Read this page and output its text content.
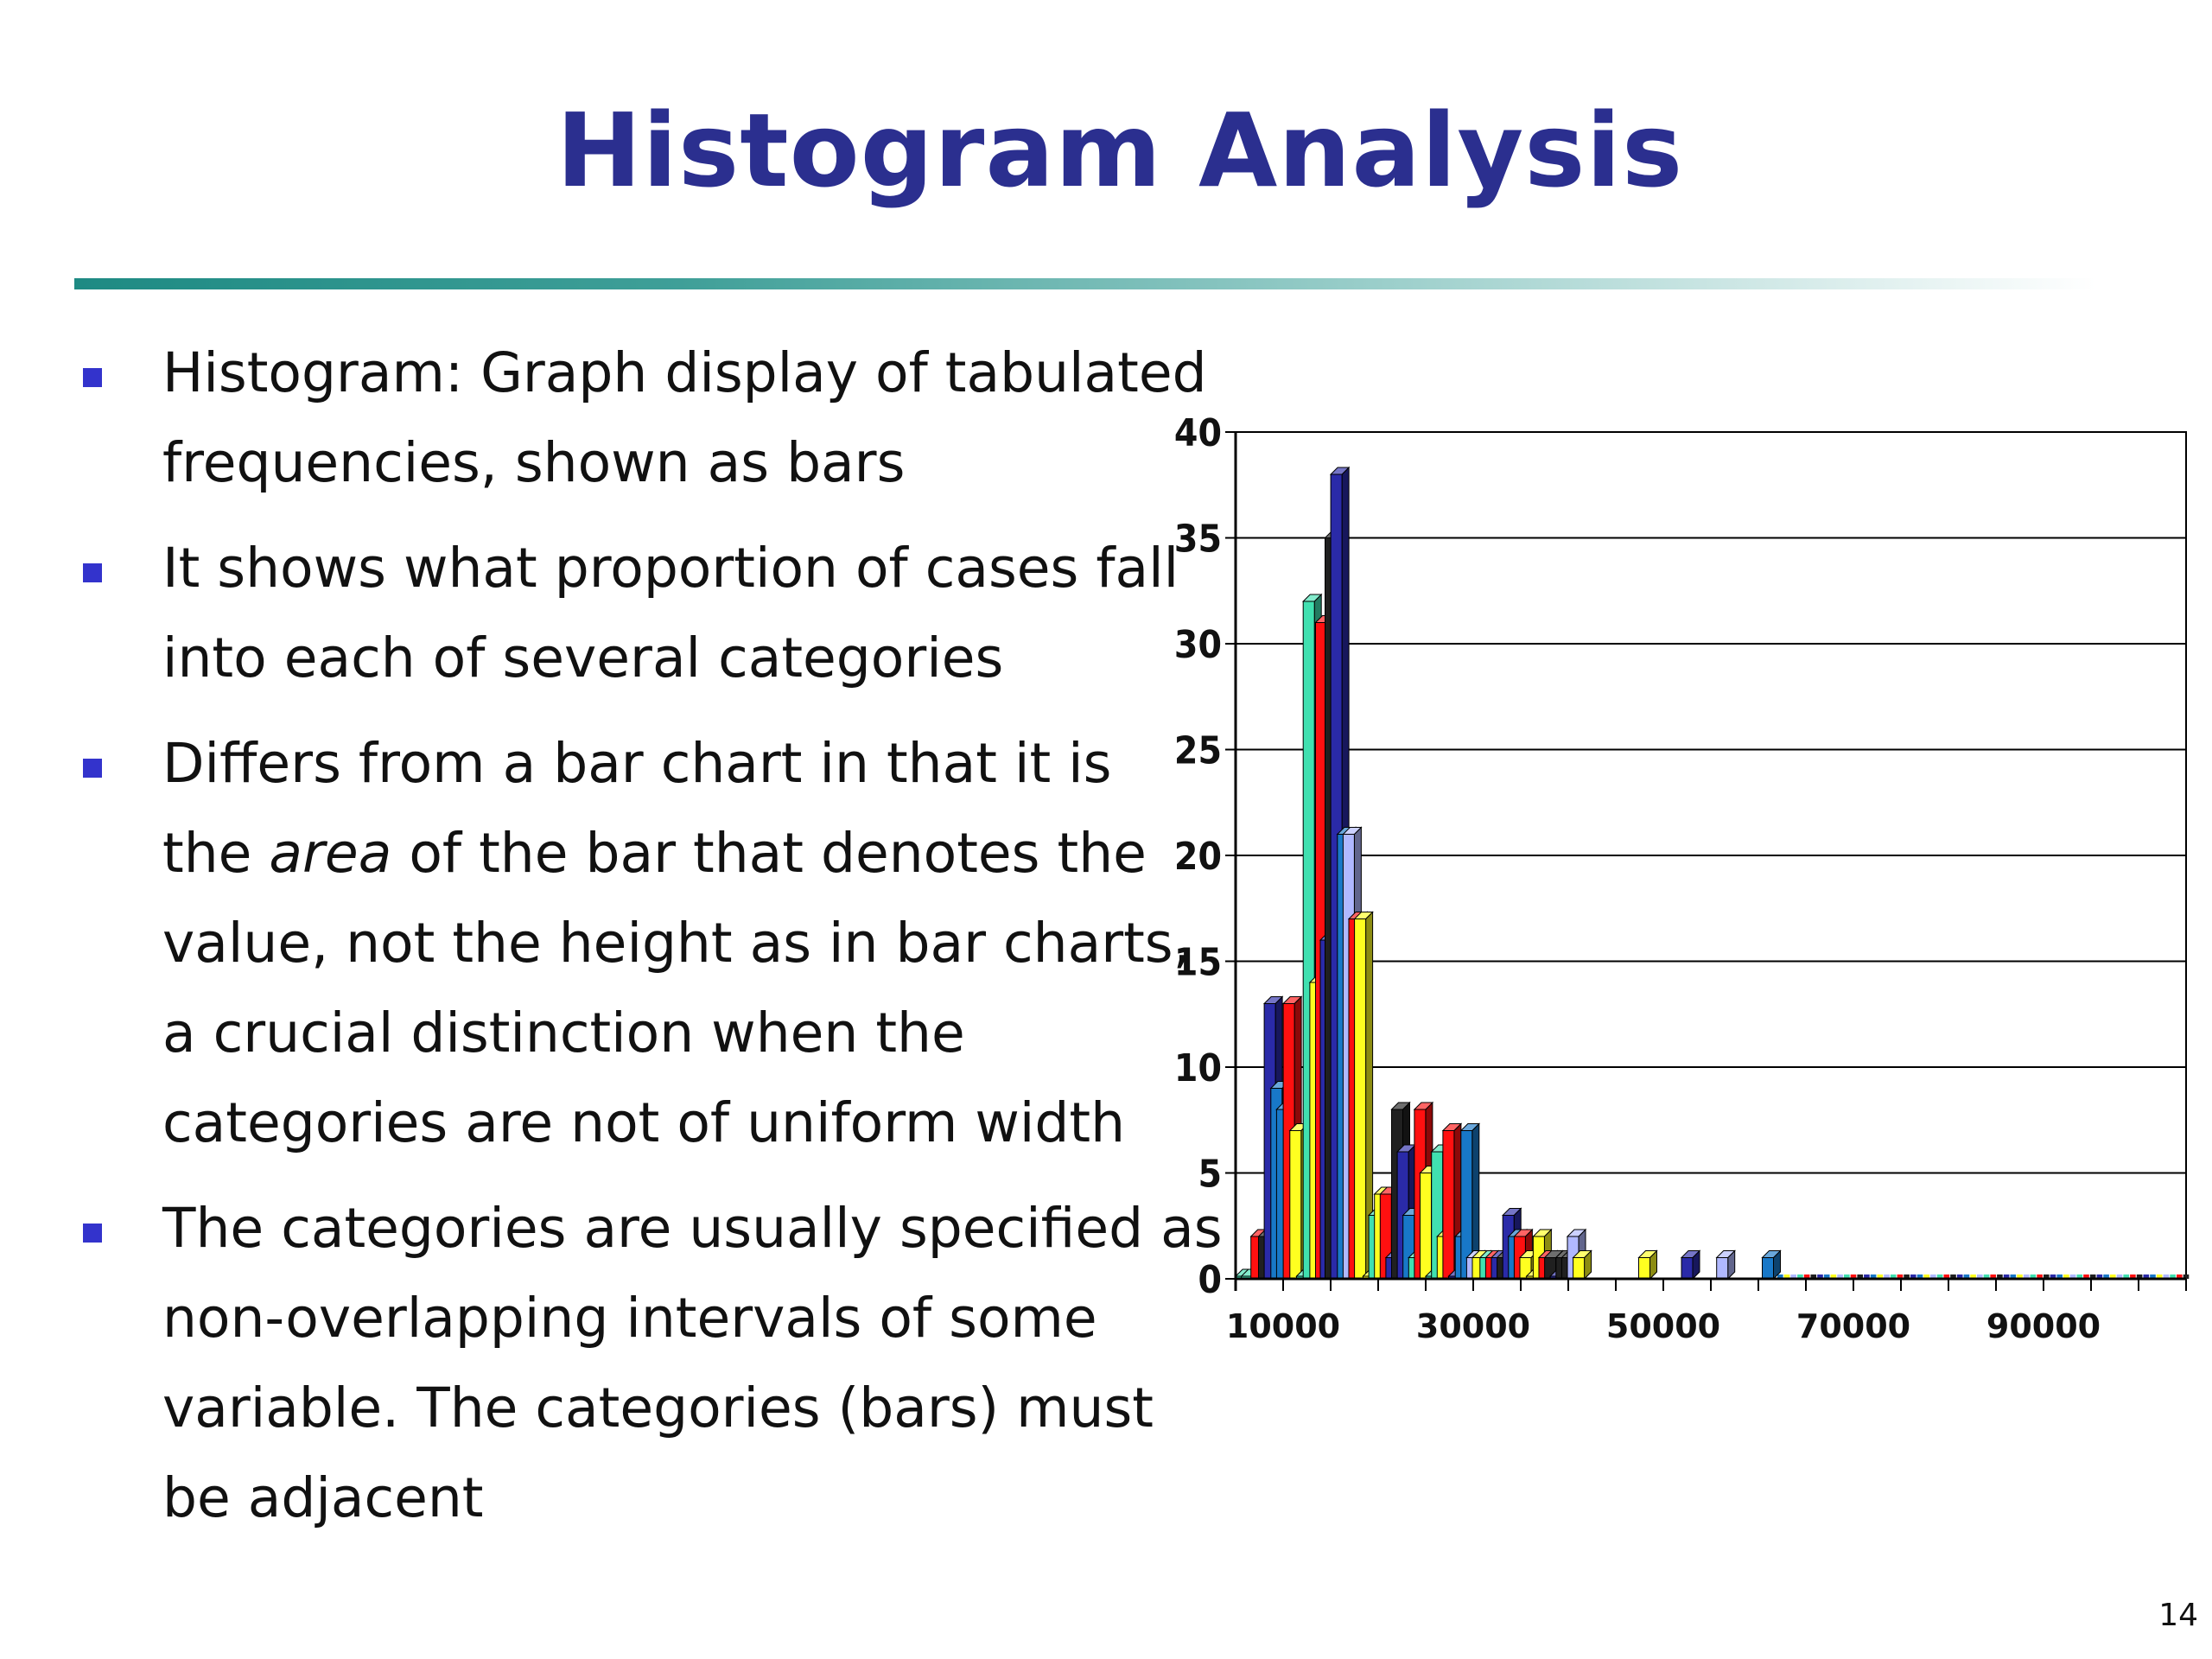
Histogram Analysis
Histogram: Graph display of tabulated
frequencies, shown as bars
It shows what proportion of cases fall
into each of several categories
Differs from a bar chart in that it is
the area of the bar that denotes the
value, not the height as in bar charts,
a crucial distinction when the
categories are not of uniform width
The categories are usually specified as
non-overlapping intervals of some
variable. The categories (bars) must
be adjacent
0
5
10
15
20
25
30
35
40
10000 30000 50000 70000 90000
14
